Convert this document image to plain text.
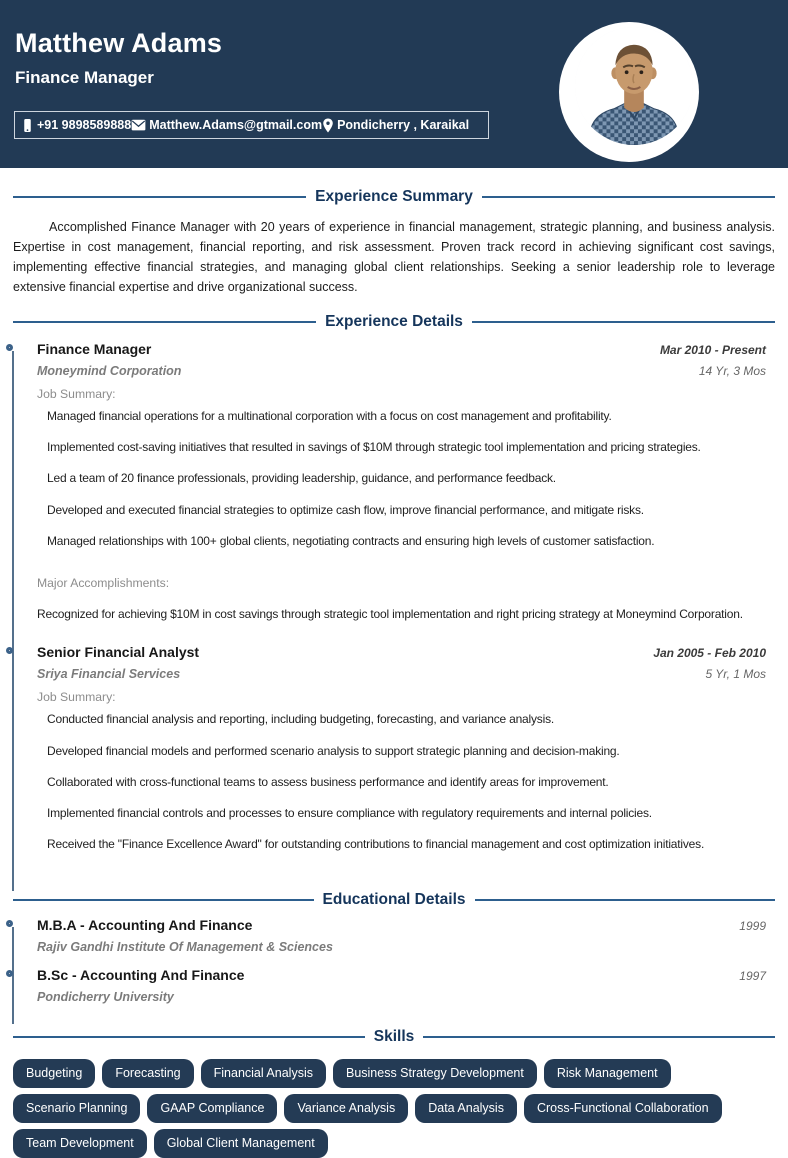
Matthew Adams
Finance Manager
+91 9898589888 Matthew.Adams@gtmail.com Pondicherry , Karaikal
Experience Summary

Accomplished Finance Manager with 20 years of experience in financial management, strategic planning, and business analysis. Expertise in cost management, financial reporting, and risk assessment. Proven track record in achieving significant cost savings, implementing effective financial strategies, and managing global client relationships. Seeking a senior leadership role to leverage extensive financial expertise and drive organizational success.

Experience Details
Finance Manager	Mar 2010 - Present
Moneymind Corporation	14 Yr, 3 Mos
Job Summary:
Managed financial operations for a multinational corporation with a focus on cost management and profitability.
Implemented cost-saving initiatives that resulted in savings of $10M through strategic tool implementation and pricing strategies.
Led a team of 20 finance professionals, providing leadership, guidance, and performance feedback.
Developed and executed financial strategies to optimize cash flow, improve financial performance, and mitigate risks.
Managed relationships with 100+ global clients, negotiating contracts and ensuring high levels of customer satisfaction.
Major Accomplishments:
Recognized for achieving $10M in cost savings through strategic tool implementation and right pricing strategy at Moneymind Corporation.
Senior Financial Analyst	Jan 2005 - Feb 2010
Sriya Financial Services	5 Yr, 1 Mos
Job Summary:
Conducted financial analysis and reporting, including budgeting, forecasting, and variance analysis.
Developed financial models and performed scenario analysis to support strategic planning and decision-making.
Collaborated with cross-functional teams to assess business performance and identify areas for improvement.
Implemented financial controls and processes to ensure compliance with regulatory requirements and internal policies.
Received the "Finance Excellence Award" for outstanding contributions to financial management and cost optimization initiatives.
Educational Details
M.B.A - Accounting And Finance	1999
Rajiv Gandhi Institute Of Management & Sciences
B.Sc - Accounting And Finance	1997
Pondicherry University
Skills
Budgeting	Forecasting	Financial Analysis	Business Strategy Development	Risk Management
Scenario Planning	GAAP Compliance	Variance Analysis	Data Analysis	Cross-Functional Collaboration
Team Development	Global Client Management
